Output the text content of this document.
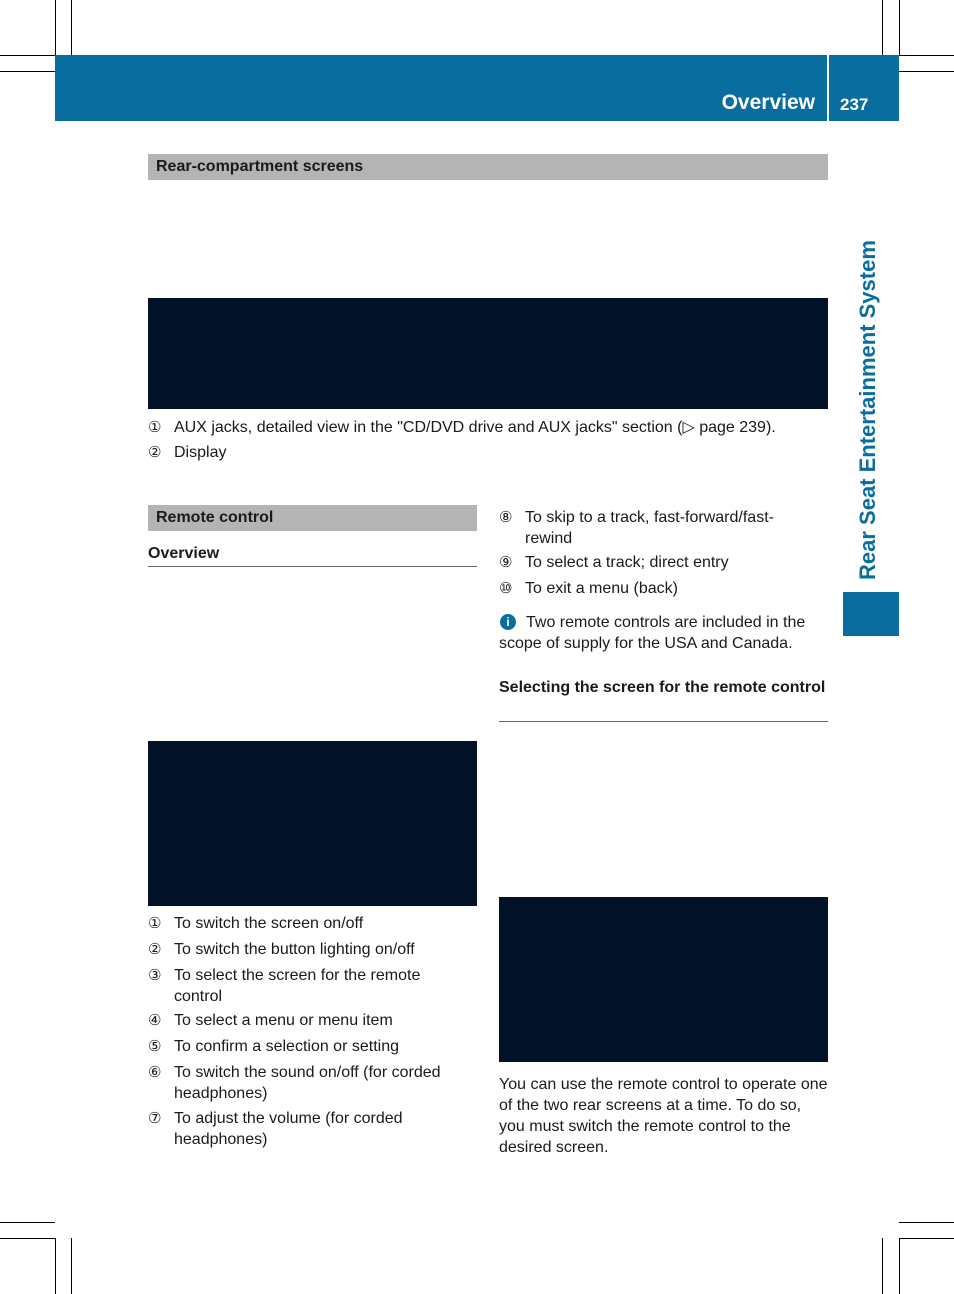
Overview 237
Rear Seat Entertainment System
Rear-compartment screens
① AUX jacks, detailed view in the "CD/DVD drive and AUX jacks" section (▷ page 239).
② Display
Remote control
Overview
① To switch the screen on/off
② To switch the button lighting on/off
③ To select the screen for the remote control
④ To select a menu or menu item
⑤ To confirm a selection or setting
⑥ To switch the sound on/off (for corded headphones)
⑦ To adjust the volume (for corded headphones)
⑧ To skip to a track, fast-forward/fast-rewind
⑨ To select a track; direct entry
⑩ To exit a menu (back)
i	Two remote controls are included in the scope of supply for the USA and Canada.
Selecting the screen for the remote control
You can use the remote control to operate one of the two rear screens at a time. To do so, you must switch the remote control to the desired screen.
